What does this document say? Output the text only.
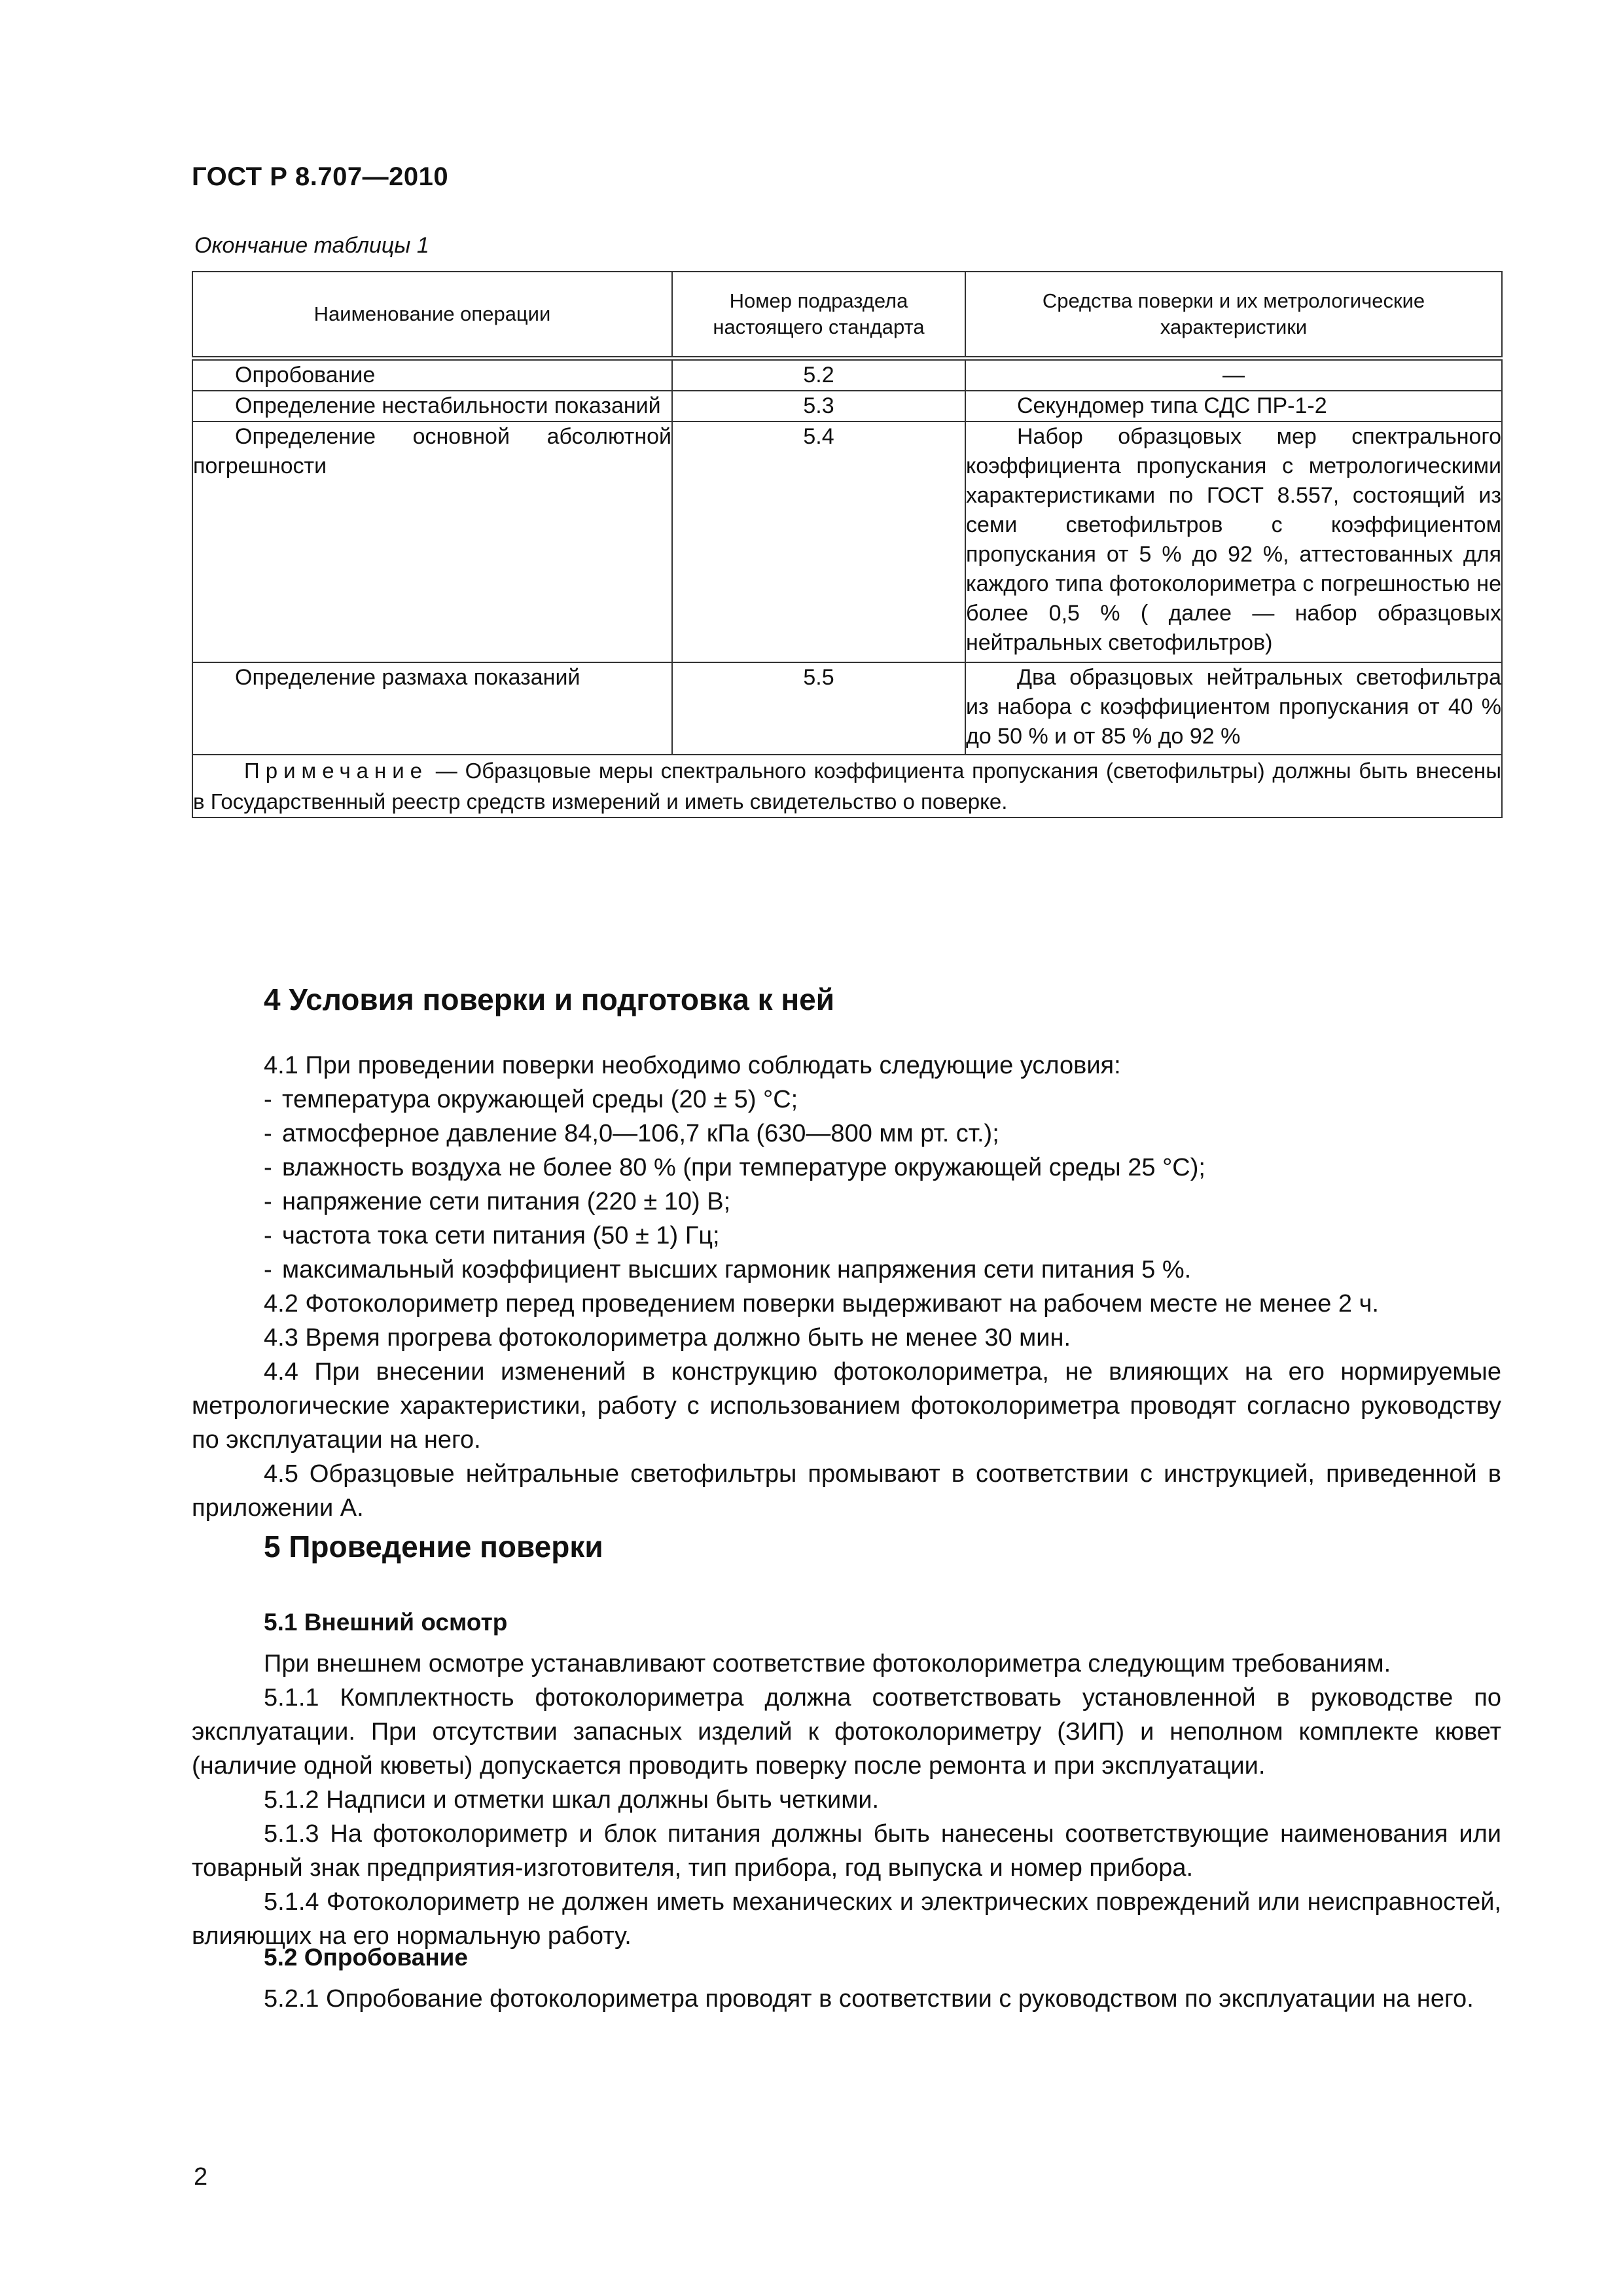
ГОСТ Р 8.707—2010
Окончание таблицы 1
Наименование операции	Номер подраздела настоящего стандарта	Средства поверки и их метрологические характеристики
Опробование	5.2	—
Определение нестабильности показаний	5.3	Секундомер типа СДС ПР-1-2
Определение основной абсолютной погрешности	5.4	Набор образцовых мер спектрального коэффициента пропускания с метрологическими характеристиками по ГОСТ 8.557, состоящий из семи светофильтров с коэффициентом пропускания от 5 % до 92 %, аттестованных для каждого типа фотоколориметра с погрешностью не более 0,5 % ( далее — набор образцовых нейтральных светофильтров)
Определение размаха показаний	5.5	Два образцовых нейтральных светофильтра из набора с коэффициентом пропускания от 40 % до 50 % и от 85 % до 92 %
Примечание — Образцовые меры спектрального коэффициента пропускания (светофильтры) должны быть внесены в Государственный реестр средств измерений и иметь свидетельство о поверке.		
4 Условия поверки и подготовка к ней

4.1 При проведении поверки необходимо соблюдать следующие условия:

- температура окружающей среды (20 ± 5) °С;

- атмосферное давление 84,0—106,7 кПа (630—800 мм рт. ст.);

- влажность воздуха не более 80 % (при температуре окружающей среды 25 °С);

- напряжение сети питания (220 ± 10) В;

- частота тока сети питания (50 ± 1) Гц;

- максимальный коэффициент высших гармоник напряжения сети питания 5 %.

4.2 Фотоколориметр перед проведением поверки выдерживают на рабочем месте не менее 2 ч.

4.3 Время прогрева фотоколориметра должно быть не менее 30 мин.

4.4 При внесении изменений в конструкцию фотоколориметра, не влияющих на его нормируемые метрологические характеристики, работу с использованием фотоколориметра проводят согласно руководству по эксплуатации на него.

4.5 Образцовые нейтральные светофильтры промывают в соответствии с инструкцией, приведенной в приложении А.

5 Проведение поверки
5.1 Внешний осмотр

При внешнем осмотре устанавливают соответствие фотоколориметра следующим требованиям.

5.1.1 Комплектность фотоколориметра должна соответствовать установленной в руководстве по эксплуатации. При отсутствии запасных изделий к фотоколориметру (ЗИП) и неполном комплекте кювет (наличие одной кюветы) допускается проводить поверку после ремонта и при эксплуатации.

5.1.2 Надписи и отметки шкал должны быть четкими.

5.1.3 На фотоколориметр и блок питания должны быть нанесены соответствующие наименования или товарный знак предприятия-изготовителя, тип прибора, год выпуска и номер прибора.

5.1.4 Фотоколориметр не должен иметь механических и электрических повреждений или неисправностей, влияющих на его нормальную работу.

5.2 Опробование

5.2.1 Опробование фотоколориметра проводят в соответствии с руководством по эксплуатации на него.

2
